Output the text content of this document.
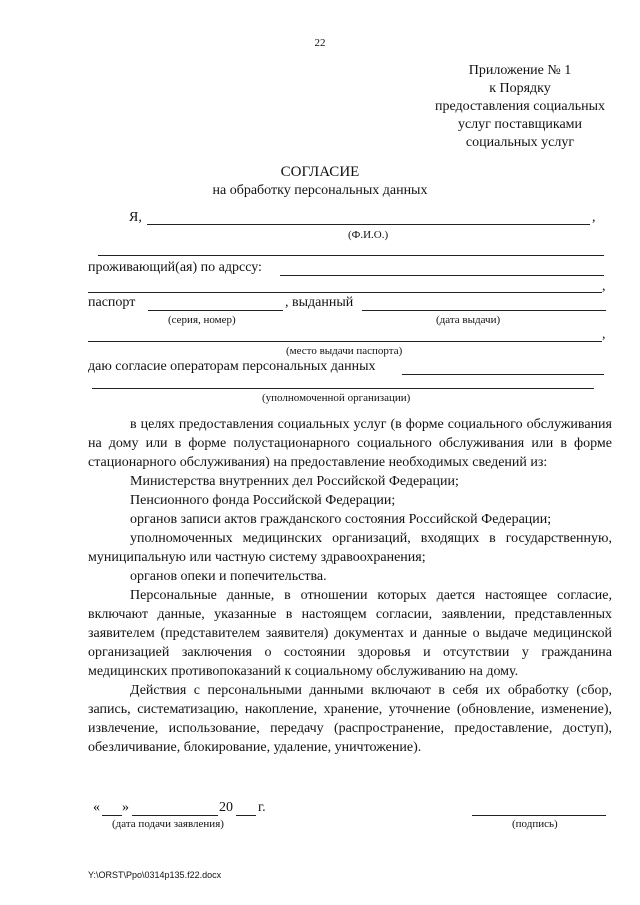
22
Приложение № 1
к Порядку
предоставления социальных
услуг поставщиками
социальных услуг
СОГЛАСИЕ
на обработку персональных данных
Я,	,
(Ф.И.О.)
проживающий(ая) по адрссу:
,
паспорт	, выданный
(серия, номер)	(дата выдачи)
,
(место выдачи паспорта)
даю согласие операторам персональных данных
(уполномоченной организации)

в целях предоставления социальных услуг (в форме социального обслуживания на дому или в форме полустационарного социального обслуживания или в форме стационарного обслуживания) на предоставление необходимых сведений из:

Министерства внутренних дел Российской Федерации;

Пенсионного фонда Российской Федерации;

органов записи актов гражданского состояния Российской Федерации;

уполномоченных медицинских организаций, входящих в государственную, муниципальную или частную систему здравоохранения;

органов опеки и попечительства.

Персональные данные, в отношении которых дается настоящее согласие, включают данные, указанные в настоящем согласии, заявлении, представленных заявителем (представителем заявителя) документах и данные о выдаче медицинской организацией заключения о состоянии здоровья и отсутствии у гражданина медицинских противопоказаний к социальному обслуживанию на дому.

Действия с персональными данными включают в себя их обработку (сбор, запись, систематизацию, накопление, хранение, уточнение (обновление, изменение), извлечение, использование, передачу (распространение, предоставление, доступ), обезличивание, блокирование, удаление, уничтожение).

« »	20 г.
(дата подачи заявления)	(подпись)
Y:\ORST\Ppo\0314p135.f22.docx
